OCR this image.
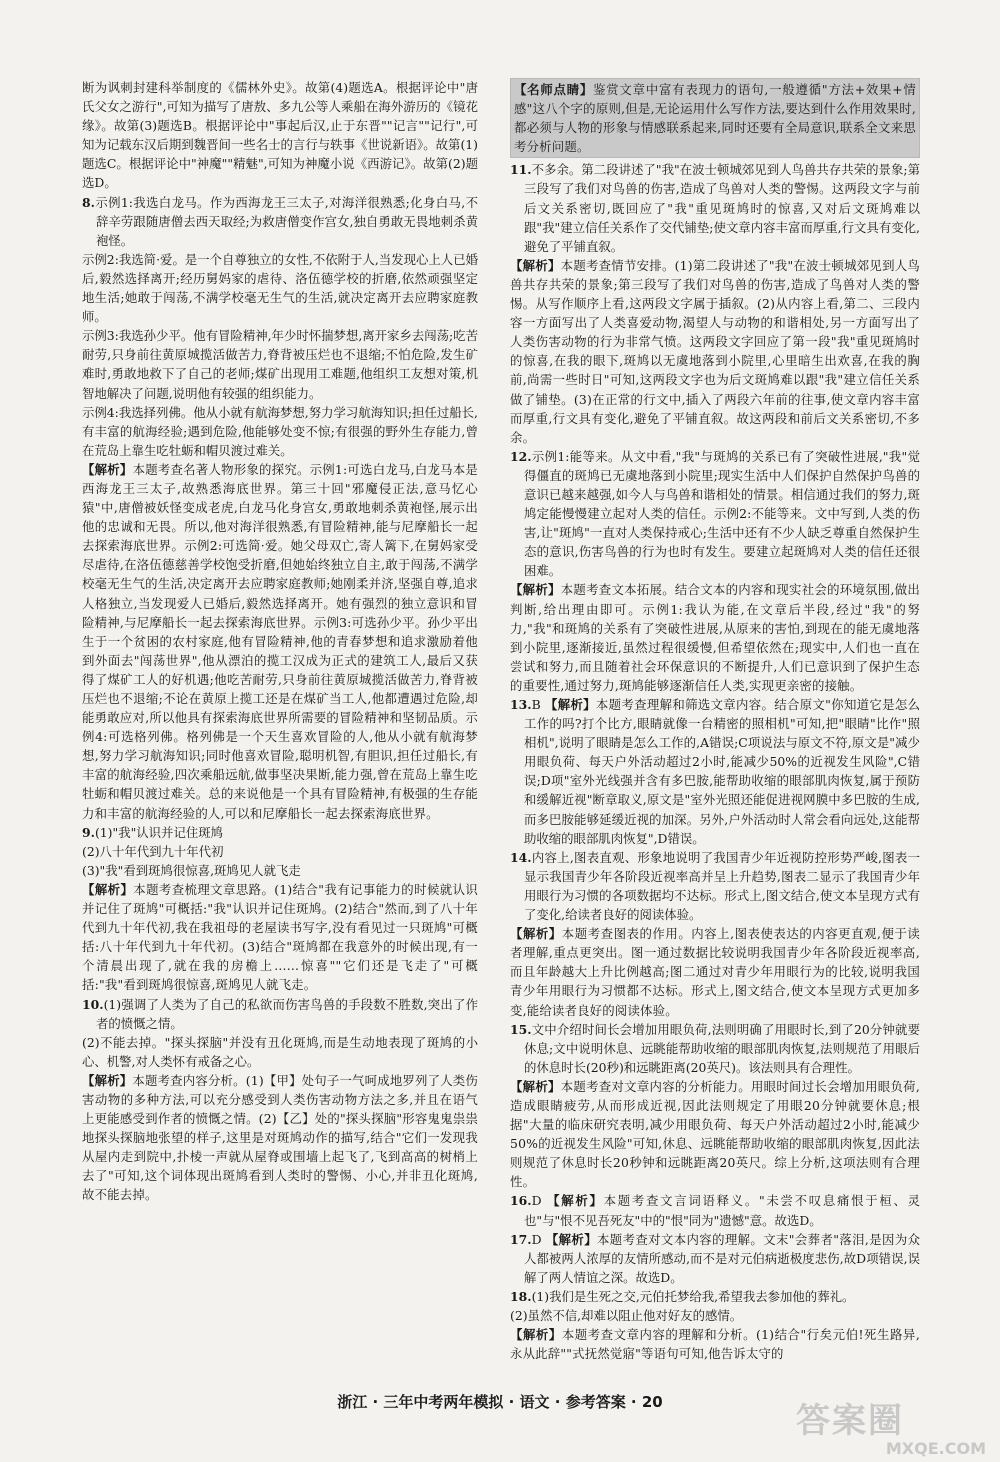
断为讽刺封建科举制度的《儒林外史》。故第(4)题选A。根据评论中"唐氏父女之游行",可知为描写了唐敖、多九公等人乘船在海外游历的《镜花缘》。故第(3)题选B。根据评论中"事起后汉,止于东晋""记言""记行",可知为记载东汉后期到魏晋间一些名士的言行与轶事《世说新语》。故第(1)题选C。根据评论中"神魔""精魅",可知为神魔小说《西游记》。故第(2)题选D。

8.示例1:我选白龙马。作为西海龙王三太子,对海洋很熟悉;化身白马,不辞辛劳跟随唐僧去西天取经;为救唐僧变作宫女,独自勇敢无畏地刺杀黄袍怪。

示例2:我选简·爱。是一个自尊独立的女性,不依附于人,当发现心上人已婚后,毅然选择离开;经历舅妈家的虐待、洛伍德学校的折磨,依然顽强坚定地生活;她敢于闯荡,不满学校毫无生气的生活,就决定离开去应聘家庭教师。

示例3:我选孙少平。他有冒险精神,年少时怀揣梦想,离开家乡去闯荡;吃苦耐劳,只身前往黄原城揽活做苦力,脊背被压烂也不退缩;不怕危险,发生矿难时,勇敢地救下了自己的老师;煤矿出现用工难题,他组织工友想对策,机智地解决了问题,说明他有较强的组织能力。

示例4:我选择列佛。他从小就有航海梦想,努力学习航海知识;担任过船长,有丰富的航海经验;遇到危险,他能够处变不惊;有很强的野外生存能力,曾在荒岛上靠生吃牡蛎和帽贝渡过难关。

【解析】本题考查名著人物形象的探究。示例1:可选白龙马,白龙马本是西海龙王三太子,故熟悉海底世界。第三十回"邪魔侵正法,意马忆心猿"中,唐僧被妖怪变成老虎,白龙马化身宫女,勇敢地刺杀黄袍怪,展示出他的忠诚和无畏。所以,他对海洋很熟悉,有冒险精神,能与尼摩船长一起去探索海底世界。示例2:可选简·爱。她父母双亡,寄人篱下,在舅妈家受尽虐待,在洛伍德慈善学校饱受折磨,但她始终独立自主,敢于闯荡,不满学校毫无生气的生活,决定离开去应聘家庭教师;她刚柔并济,坚强自尊,追求人格独立,当发现爱人已婚后,毅然选择离开。她有强烈的独立意识和冒险精神,与尼摩船长一起去探索海底世界。示例3:可选孙少平。孙少平出生于一个贫困的农村家庭,他有冒险精神,他的青春梦想和追求激励着他到外面去"闯荡世界",他从漂泊的揽工汉成为正式的建筑工人,最后又获得了煤矿工人的好机遇;他吃苦耐劳,只身前往黄原城揽活做苦力,脊背被压烂也不退缩;不论在黄原上揽工还是在煤矿当工人,他都遭遇过危险,却能勇敢应对,所以他具有探索海底世界所需要的冒险精神和坚韧品质。示例4:可选格列佛。格列佛是一个天生喜欢冒险的人,他从小就有航海梦想,努力学习航海知识;同时他喜欢冒险,聪明机智,有胆识,担任过船长,有丰富的航海经验,四次乘船远航,做事坚决果断,能力强,曾在荒岛上靠生吃牡蛎和帽贝渡过难关。总的来说他是一个具有冒险精神,有极强的生存能力和丰富的航海经验的人,可以和尼摩船长一起去探索海底世界。

9.(1)"我"认识并记住斑鸠

(2)八十年代到九十年代初

(3)"我"看到斑鸠很惊喜,斑鸠见人就飞走

【解析】本题考查梳理文章思路。(1)结合"我有记事能力的时候就认识并记住了斑鸠"可概括:"我"认识并记住斑鸠。(2)结合"然而,到了八十年代到九十年代初,我在我祖母的老屋读书写字,没有看见过一只斑鸠"可概括:八十年代到九十年代初。(3)结合"斑鸠都在我意外的时候出现,有一个清晨出现了,就在我的房檐上……惊喜""它们还是飞走了"可概括:"我"看到斑鸠很惊喜,斑鸠见人就飞走。

10.(1)强调了人类为了自己的私欲而伤害鸟兽的手段数不胜数,突出了作者的愤慨之情。

(2)不能去掉。"探头探脑"并没有丑化斑鸠,而是生动地表现了斑鸠的小心、机警,对人类怀有戒备之心。

【解析】本题考查内容分析。(1)【甲】处句子一气呵成地罗列了人类伤害动物的多种方法,可以充分感受到人类伤害动物方法之多,并且在语气上更能感受到作者的愤慨之情。(2)【乙】处的"探头探脑"形容鬼鬼祟祟地探头探脑地张望的样子,这里是对斑鸠动作的描写,结合"它们一发现我从屋内走到院中,扑棱一声就从屋脊或围墙上起飞了,飞到高高的树梢上去了"可知,这个词体现出斑鸠看到人类时的警惕、小心,并非丑化斑鸠,故不能去掉。

【名师点睛】鉴赏文章中富有表现力的语句,一般遵循"方法+效果+情感"这八个字的原则,但是,无论运用什么写作方法,要达到什么作用效果时,都必须与人物的形象与情感联系起来,同时还要有全局意识,联系全文来思考分析问题。

11.不多余。第二段讲述了"我"在波士顿城郊见到人鸟兽共存共荣的景象;第三段写了我们对鸟兽的伤害,造成了鸟兽对人类的警惕。这两段文字与前后文关系密切,既回应了"我"重见斑鸠时的惊喜,又对后文斑鸠难以跟"我"建立信任关系作了交代铺垫;使文章内容丰富而厚重,行文具有变化,避免了平铺直叙。

【解析】本题考查情节安排。(1)第二段讲述了"我"在波士顿城郊见到人鸟兽共存共荣的景象;第三段写了我们对鸟兽的伤害,造成了鸟兽对人类的警惕。从写作顺序上看,这两段文字属于插叙。(2)从内容上看,第二、三段内容一方面写出了人类喜爱动物,渴望人与动物的和谐相处,另一方面写出了人类伤害动物的行为非常气愤。这两段文字回应了第一段"我"重见斑鸠时的惊喜,在我的眼下,斑鸠以无虞地落到小院里,心里暗生出欢喜,在我的胸前,尚需一些时日"可知,这两段文字也为后文斑鸠难以跟"我"建立信任关系做了铺垫。(3)在正常的行文中,插入了两段六年前的往事,使文章内容丰富而厚重,行文具有变化,避免了平铺直叙。故这两段和前后文关系密切,不多余。

12.示例1:能等来。从文中看,"我"与斑鸠的关系已有了突破性进展,"我"觉得僵直的斑鸠已无虞地落到小院里;现实生活中人们保护自然保护鸟兽的意识已越来越强,如今人与鸟兽和谐相处的情景。相信通过我们的努力,斑鸠定能慢慢建立起对人类的信任。示例2:不能等来。文中写到,人类的伤害,让"斑鸠"一直对人类保持戒心;生活中还有不少人缺乏尊重自然保护生态的意识,伤害鸟兽的行为也时有发生。要建立起斑鸠对人类的信任还很困难。

【解析】本题考查文本拓展。结合文本的内容和现实社会的环境氛围,做出判断,给出理由即可。示例1:我认为能,在文章后半段,经过"我"的努力,"我"和斑鸠的关系有了突破性进展,从原来的害怕,到现在的能无虞地落到小院里,逐渐接近,虽然过程很缓慢,但希望依然在;现实中,人们也一直在尝试和努力,而且随着社会环保意识的不断提升,人们已意识到了保护生态的重要性,通过努力,斑鸠能够逐渐信任人类,实现更亲密的接触。

13.B 【解析】本题考查理解和筛选文章内容。结合原文"你知道它是怎么工作的吗?打个比方,眼睛就像一台精密的照相机"可知,把"眼睛"比作"照相机",说明了眼睛是怎么工作的,A错误;C项说法与原文不符,原文是"减少用眼负荷、每天户外活动超过2小时,能减少50%的近视发生风险",C错误;D项"室外光线强并含有多巴胺,能帮助收缩的眼部肌肉恢复,属于预防和缓解近视"断章取义,原文是"室外光照还能促进视网膜中多巴胺的生成,而多巴胺能够延缓近视的加深。另外,户外活动时人常会看向远处,这能帮助收缩的眼部肌肉恢复",D错误。

14.内容上,图表直观、形象地说明了我国青少年近视防控形势严峻,图表一显示我国青少年各阶段近视率高并呈上升趋势,图表二显示了我国青少年用眼行为习惯的各项数据均不达标。形式上,图文结合,使文本呈现方式有了变化,给读者良好的阅读体验。

【解析】本题考查图表的作用。内容上,图表使表达的内容更直观,便于读者理解,重点更突出。图一通过数据比较说明我国青少年各阶段近视率高,而且年龄越大上升比例越高;图二通过对青少年用眼行为的比较,说明我国青少年用眼行为习惯都不达标。形式上,图文结合,使文本呈现方式更加多变,能给读者良好的阅读体验。

15.文中介绍时间长会增加用眼负荷,法则明确了用眼时长,到了20分钟就要休息;文中说明休息、远眺能帮助收缩的眼部肌肉恢复,法则规范了用眼后的休息时长(20秒)和远眺距离(20英尺)。该法则具有合理性。

【解析】本题考查对文章内容的分析能力。用眼时间过长会增加用眼负荷,造成眼睛疲劳,从而形成近视,因此法则规定了用眼20分钟就要休息;根据"大量的临床研究表明,减少用眼负荷、每天户外活动超过2小时,能减少50%的近视发生风险"可知,休息、远眺能帮助收缩的眼部肌肉恢复,因此法则规范了休息时长20秒钟和远眺距离20英尺。综上分析,这项法则有合理性。

16.D 【解析】本题考查文言词语释义。"未尝不叹息痛恨于桓、灵也"与"恨不见吾死友"中的"恨"同为"遗憾"意。故选D。

17.D 【解析】本题考查对文本内容的理解。文末"会葬者"落泪,是因为众人都被两人浓厚的友情所感动,而不是对元伯病逝极度悲伤,故D项错误,误解了两人情谊之深。故选D。

18.(1)我们是生死之交,元伯托梦给我,希望我去参加他的葬礼。

(2)虽然不信,却难以阻止他对好友的感情。

【解析】本题考查文章内容的理解和分析。(1)结合"行矣元伯!死生路异,永从此辞""式抚然觉寤"等语句可知,他告诉太守的

浙江 · 三年中考两年模拟 · 语文 · 参考答案 · 20	答案圈
MXQE.COM
